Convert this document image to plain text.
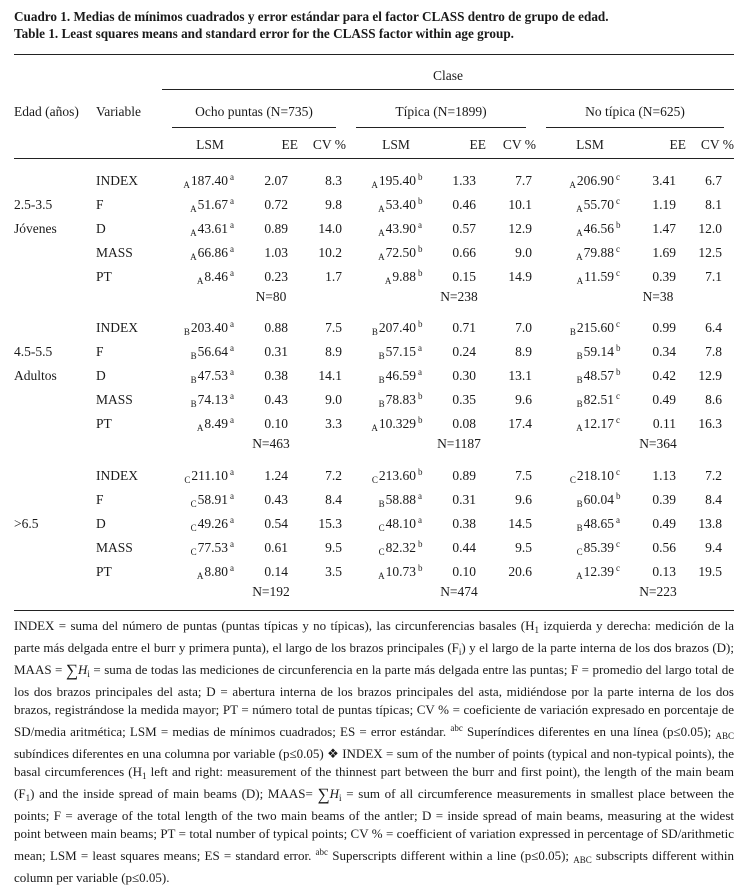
Cuadro 1. Medias de mínimos cuadrados y error estándar para el factor CLASS dentro de grupo de edad.
Table 1. Least squares means and standard error for the CLASS factor within age group.

		Clase								
Edad (años)	Variable	Ocho puntas (N=735)			Típica (N=1899)			No típica (N=625)		

		LSM	EE	CV %	LSM	EE	CV %	LSM	EE	CV %

	INDEX	$_A$187.40 a	2.07	8.3	$_A$195.40 b	1.33	7.7	$_A$206.90 c	3.41	6.7
2.5-3.5	F	$_A$51.67 a	0.72	9.8	$_A$53.40 b	0.46	10.1	$_A$55.70 c	1.19	8.1
Jóvenes	D	$_A$43.61 a	0.89	14.0	$_A$43.90 a	0.57	12.9	$_A$46.56 b	1.47	12.0
	MASS	$_A$66.86 a	1.03	10.2	$_A$72.50 b	0.66	9.0	$_A$79.88 c	1.69	12.5
	PT	$_A$8.46 a	0.23	1.7	$_A$9.88 b	0.15	14.9	$_A$11.59 c	0.39	7.1
			N=80			N=238			N=38	

	INDEX	$_B$203.40 a	0.88	7.5	$_B$207.40 b	0.71	7.0	$_B$215.60 c	0.99	6.4
4.5-5.5	F	$_B$56.64 a	0.31	8.9	$_B$57.15 a	0.24	8.9	$_B$59.14 b	0.34	7.8
Adultos	D	$_B$47.53 a	0.38	14.1	$_B$46.59 a	0.30	13.1	$_B$48.57 b	0.42	12.9
	MASS	$_B$74.13 a	0.43	9.0	$_B$78.83 b	0.35	9.6	$_B$82.51 c	0.49	8.6
	PT	$_A$8.49 a	0.10	3.3	$_A$10.329 b	0.08	17.4	$_A$12.17 c	0.11	16.3
			N=463			N=1187			N=364	

	INDEX	$_C$211.10 a	1.24	7.2	$_C$213.60 b	0.89	7.5	$_C$218.10 c	1.13	7.2
	F	$_C$58.91 a	0.43	8.4	$_B$58.88 a	0.31	9.6	$_B$60.04 b	0.39	8.4
>6.5	D	$_C$49.26 a	0.54	15.3	$_C$48.10 a	0.38	14.5	$_B$48.65 a	0.49	13.8
	MASS	$_C$77.53 a	0.61	9.5	$_C$82.32 b	0.44	9.5	$_C$85.39 c	0.56	9.4
	PT	$_A$8.80 a	0.14	3.5	$_A$10.73 b	0.10	20.6	$_A$12.39 c	0.13	19.5
			N=192			N=474			N=223	

INDEX = suma del número de puntas (puntas típicas y no típicas), las circunferencias basales ($H_1$ izquierda y derecha: medición de la parte más delgada entre el burr y primera punta), el largo de los brazos principales $(F_i)$ y el largo de la parte interna de los dos brazos (D); MAAS = $\sum H_i$ = suma de todas las mediciones de circunferencia en la parte más delgada entre las puntas; F = promedio del largo total de los dos brazos principales del asta; D = abertura interna de los brazos principales del asta, midiéndose por la parte interna de los dos brazos, registrándose la medida mayor; PT = número total de puntas típicas; CV % = coeficiente de variación expresado en porcentaje de SD/media aritmética; LSM = medias de mínimos cuadrados; ES = error estándar. $^{abc}$ Superíndices diferentes en una línea (p≤0.05); $_{ABC}$ subíndices diferentes en una columna por variable (p≤0.05) ❖ INDEX = sum of the number of points (typical and non-typical points), the basal circumferences ($H_1$ left and right: measurement of the thinnest part between the burr and first point), the length of the main beam $(F_1)$ and the inside spread of main beams (D); MAAS= $\sum H_i$ = sum of all circumference measurements in smallest place between the points; F = average of the total length of the two main beams of the antler; D = inside spread of main beams, measuring at the widest point between main beams; PT = total number of typical points; CV % = coefficient of variation expressed in percentage of SD/arithmetic mean; LSM = least squares means; ES = standard error. $^{abc}$ Superscripts different within a line (p≤0.05); $_{ABC}$ subscripts different within column per variable (p≤0.05).
